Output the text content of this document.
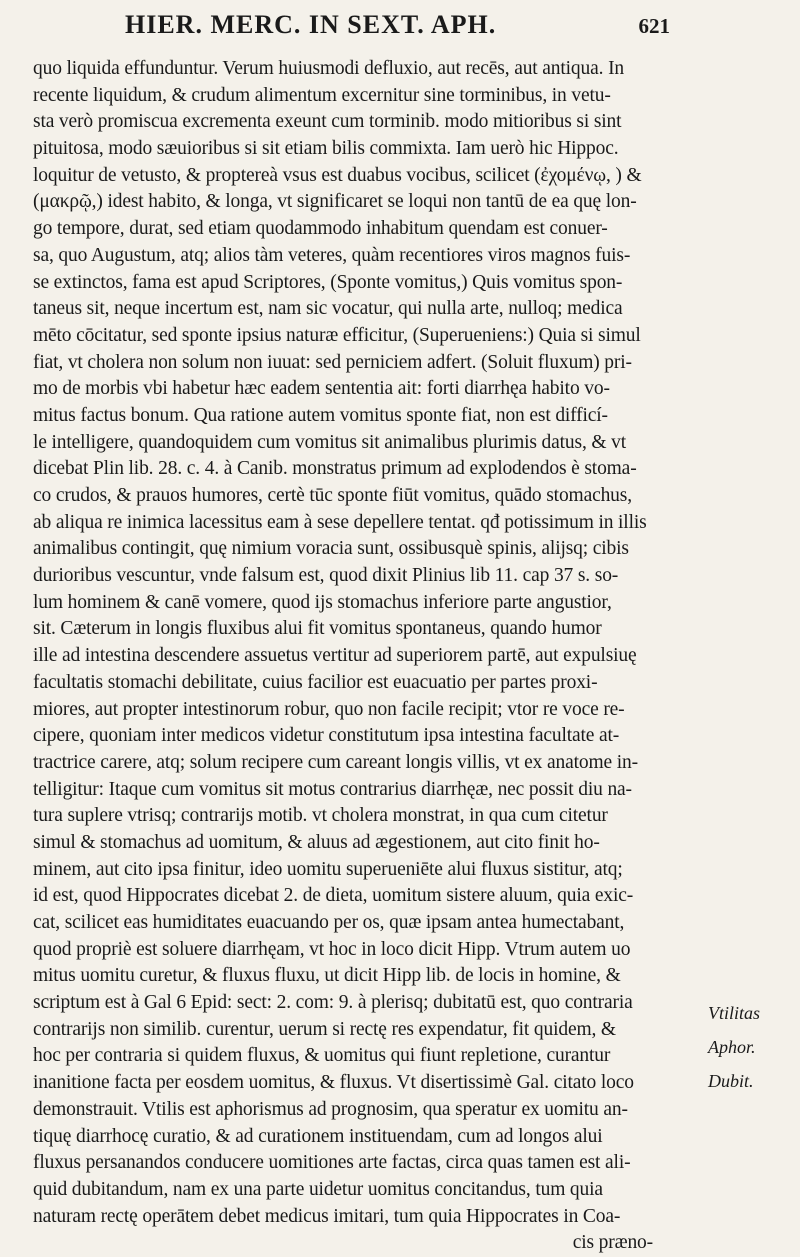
HIER. MERC. IN SEXT. APH.	621
quo liquida effunduntur. Verum huiusmodi defluxio, aut recēs, aut antiqua. In
recente liquidum, & crudum alimentum excernitur sine torminibus, in vetu-
sta verò promiscua excrementa exeunt cum torminib. modo mitioribus si sint
pituitosa, modo sæuioribus si sit etiam bilis commixta. Iam uerò hic Hippoc.
loquitur de vetusto, & proptereà vsus est duabus vocibus, scilicet (ἐχομένῳ, ) &
(μακρῷ,) idest habito, & longa, vt significaret se loqui non tantū de ea quę lon-
go tempore, durat, sed etiam quodammodo inhabitum quendam est conuer-
sa, quo Augustum, atq; alios tàm veteres, quàm recentiores viros magnos fuis-
se extinctos, fama est apud Scriptores, (Sponte vomitus,) Quis vomitus spon-
taneus sit, neque incertum est, nam sic vocatur, qui nulla arte, nulloq; medica
mēto cōcitatur, sed sponte ipsius naturæ efficitur, (Superueniens:) Quia si simul
fiat, vt cholera non solum non iuuat: sed perniciem adfert. (Soluit fluxum) pri-
mo de morbis vbi habetur hæc eadem sententia ait: forti diarrhęa habito vo-
mitus factus bonum. Qua ratione autem vomitus sponte fiat, non est difficí-
le intelligere, quandoquidem cum vomitus sit animalibus plurimis datus, & vt
dicebat Plin lib. 28. c. 4. à Canib. monstratus primum ad explodendos è stoma-
co crudos, & prauos humores, certè tūc sponte fiūt vomitus, quādo stomachus,
ab aliqua re inimica lacessitus eam à sese depellere tentat. qđ potissimum in illis
animalibus contingit, quę nimium voracia sunt, ossibusquè spinis, alijsq; cibis
durioribus vescuntur, vnde falsum est, quod dixit Plinius lib 11. cap 37 s. so-
lum hominem & canē vomere, quod ijs stomachus inferiore parte angustior,
sit. Cæterum in longis fluxibus alui fit vomitus spontaneus, quando humor
ille ad intestina descendere assuetus vertitur ad superiorem partē, aut expulsiuę
facultatis stomachi debilitate, cuius facilior est euacuatio per partes proxi-
miores, aut propter intestinorum robur, quo non facile recipit; vtor re voce re-
cipere, quoniam inter medicos videtur constitutum ipsa intestina facultate at-
tractrice carere, atq; solum recipere cum careant longis villis, vt ex anatome in-
telligitur: Itaque cum vomitus sit motus contrarius diarrhęæ, nec possit diu na-
tura suplere vtrisq; contrarijs motib. vt cholera monstrat, in qua cum citetur
simul & stomachus ad uomitum, & aluus ad ægestionem, aut cito finit ho-
minem, aut cito ipsa finitur, ideo uomitu superueniēte alui fluxus sistitur, atq;
id est, quod Hippocrates dicebat 2. de dieta, uomitum sistere aluum, quia exic-
cat, scilicet eas humiditates euacuando per os, quæ ipsam antea humectabant,
quod propriè est soluere diarrhęam, vt hoc in loco dicit Hipp. Vtrum autem uo
mitus uomitu curetur, & fluxus fluxu, ut dicit Hipp lib. de locis in homine, &
scriptum est à Gal 6 Epid: sect: 2. com: 9. à plerisq; dubitatū est, quo contraria
contrarijs non similib. curentur, uerum si rectę res expendatur, fit quidem, &
hoc per contraria si quidem fluxus, & uomitus qui fiunt repletione, curantur
inanitione facta per eosdem uomitus, & fluxus. Vt disertissimè Gal. citato loco
demonstrauit. Vtilis est aphorismus ad prognosim, qua speratur ex uomitu an-
tiquę diarrhocę curatio, & ad curationem instituendam, cum ad longos alui
fluxus persanandos conducere uomitiones arte factas, circa quas tamen est ali-
quid dubitandum, nam ex una parte uidetur uomitus concitandus, tum quia
naturam rectę operātem debet medicus imitari, tum quia Hippocrates in Coa-
cis præno-
Vtilitas
Aphor.
Dubit.
